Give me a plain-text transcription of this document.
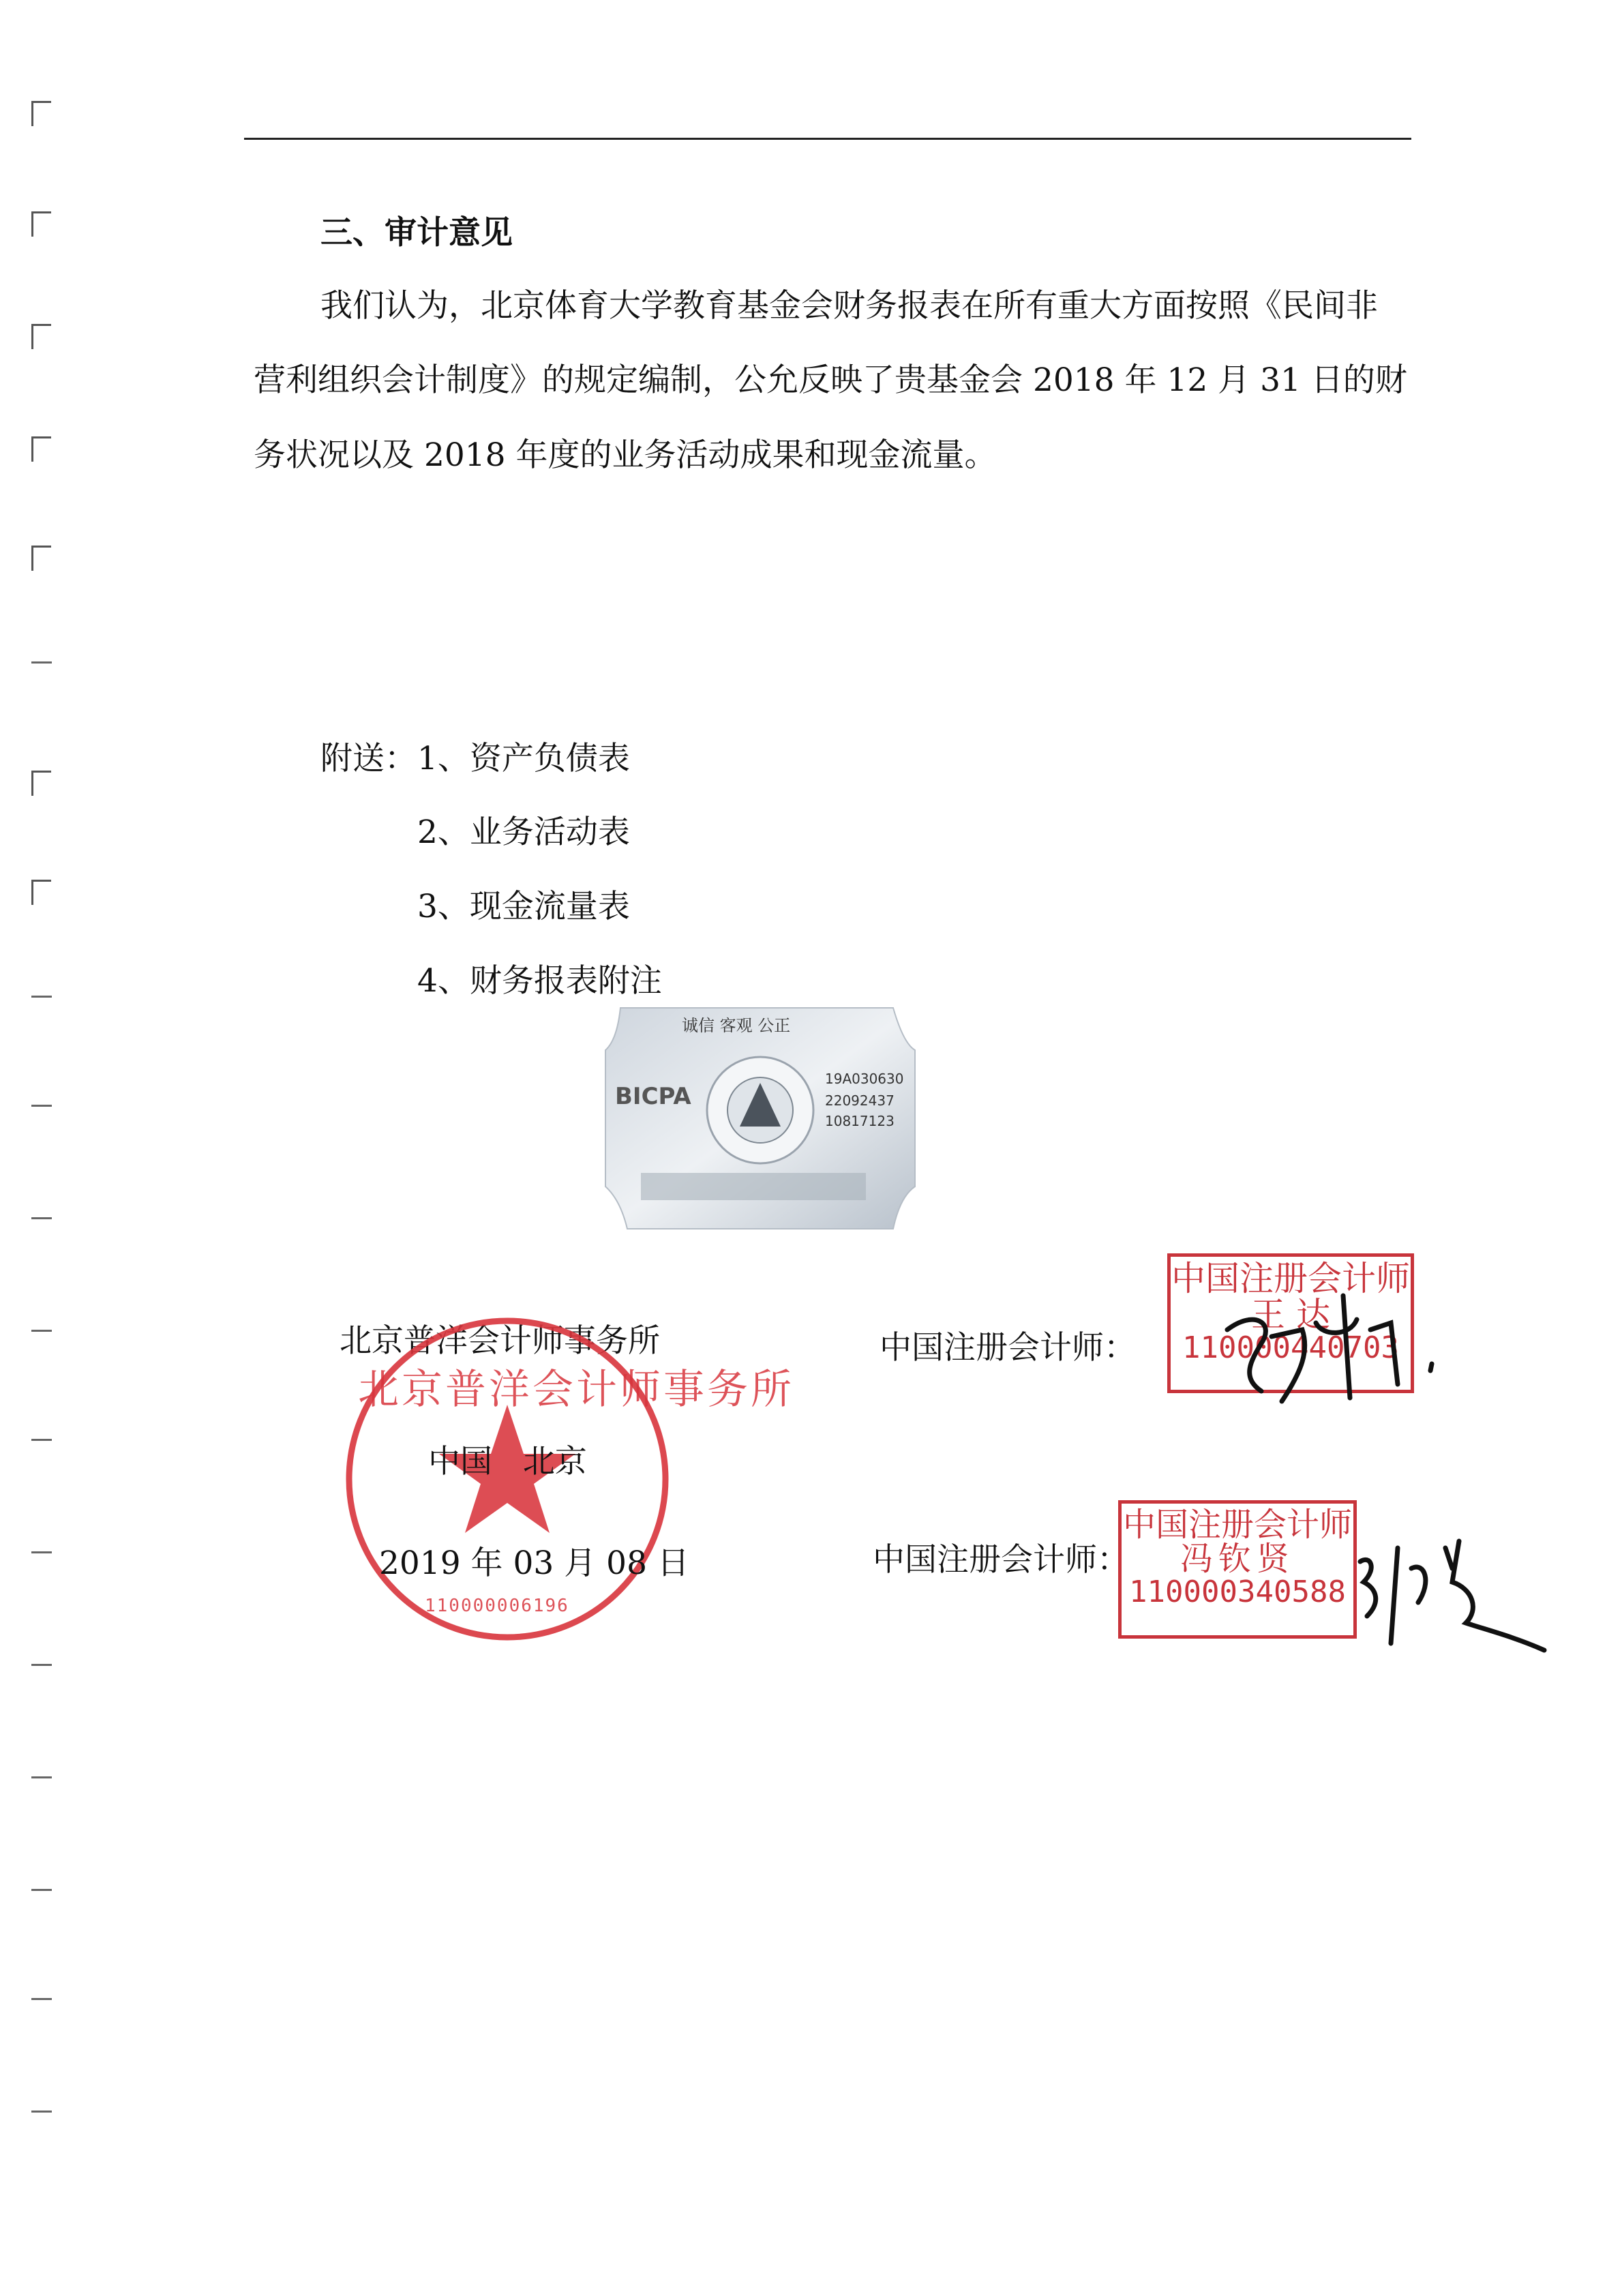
三、审计意见
我们认为，北京体育大学教育基金会财务报表在所有重大方面按照《民间非
营利组织会计制度》的规定编制，公允反映了贵基金会 2018 年 12 月 31 日的财
务状况以及 2018 年度的业务活动成果和现金流量。
附送： 1、资产负债表
2、业务活动表
3、现金流量表
4、财务报表附注
诚信 客观 公正
BICPA
19A030630
22092437
10817123
北京普洋会计师事务所
北京普洋会计师事务所
110000006196
中国   北京
2019 年 03 月 08 日
中国注册会计师：
中国注册会计师
王 达
110000440703
中国注册会计师：
中国注册会计师
冯钦贤
110000340588
